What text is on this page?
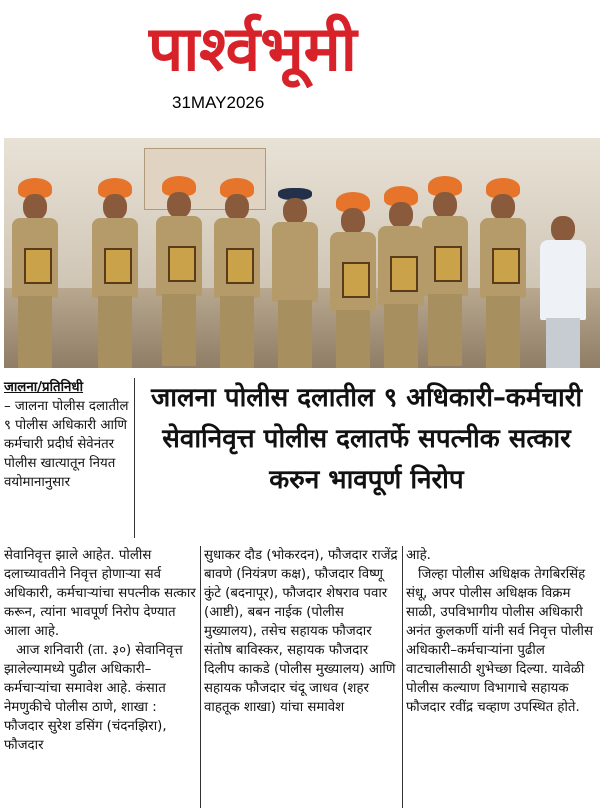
पार्श्वभूमी
31MAY2026
जालना/प्रतिनिधी

– जालना पोलीस दलातील ९ पोलीस अधिकारी आणि कर्मचारी प्रदीर्घ सेवेनंतर पोलीस खात्यातून नियत वयोमानानुसार

जालना पोलीस दलातील ९ अधिकारी–कर्मचारी सेवानिवृत्त पोलीस दलातर्फे सपत्नीक सत्कार करुन भावपूर्ण निरोप

सेवानिवृत्त झाले आहेत. पोलीस दलाच्यावतीने निवृत्त होणाऱ्या सर्व अधिकारी, कर्मचाऱ्यांचा सपत्नीक सत्कार करून, त्यांना भावपूर्ण निरोप देण्यात आला आहे.

आज शनिवारी (ता. ३०) सेवानिवृत्त झालेल्यामध्ये पुढील अधिकारी–कर्मचाऱ्यांचा समावेश आहे. कंसात नेमणुकीचे पोलीस ठाणे, शाखा : फौजदार सुरेश डसिंग (चंदनझिरा), फौजदार

सुधाकर दौड (भोकरदन), फौजदार राजेंद्र बावणे (नियंत्रण कक्ष), फौजदार विष्णू कुंटे (बदनापूर), फौजदार शेषराव पवार (आष्टी), बबन नाईक (पोलीस मुख्यालय), तसेच सहायक फौजदार संतोष बाविस्कर, सहायक फौजदार दिलीप काकडे (पोलीस मुख्यालय) आणि सहायक फौजदार चंदू जाधव (शहर वाहतूक शाखा) यांचा समावेश

आहे.

जिल्हा पोलीस अधिक्षक तेगबिरसिंह संधू, अपर पोलीस अधिक्षक विक्रम साळी, उपविभागीय पोलीस अधिकारी अनंत कुलकर्णी यांनी सर्व निवृत्त पोलीस अधिकारी–कर्मचाऱ्यांना पुढील वाटचालीसाठी शुभेच्छा दिल्या. यावेळी पोलीस कल्याण विभागाचे सहायक फौजदार रवींद्र चव्हाण उपस्थित होते.
